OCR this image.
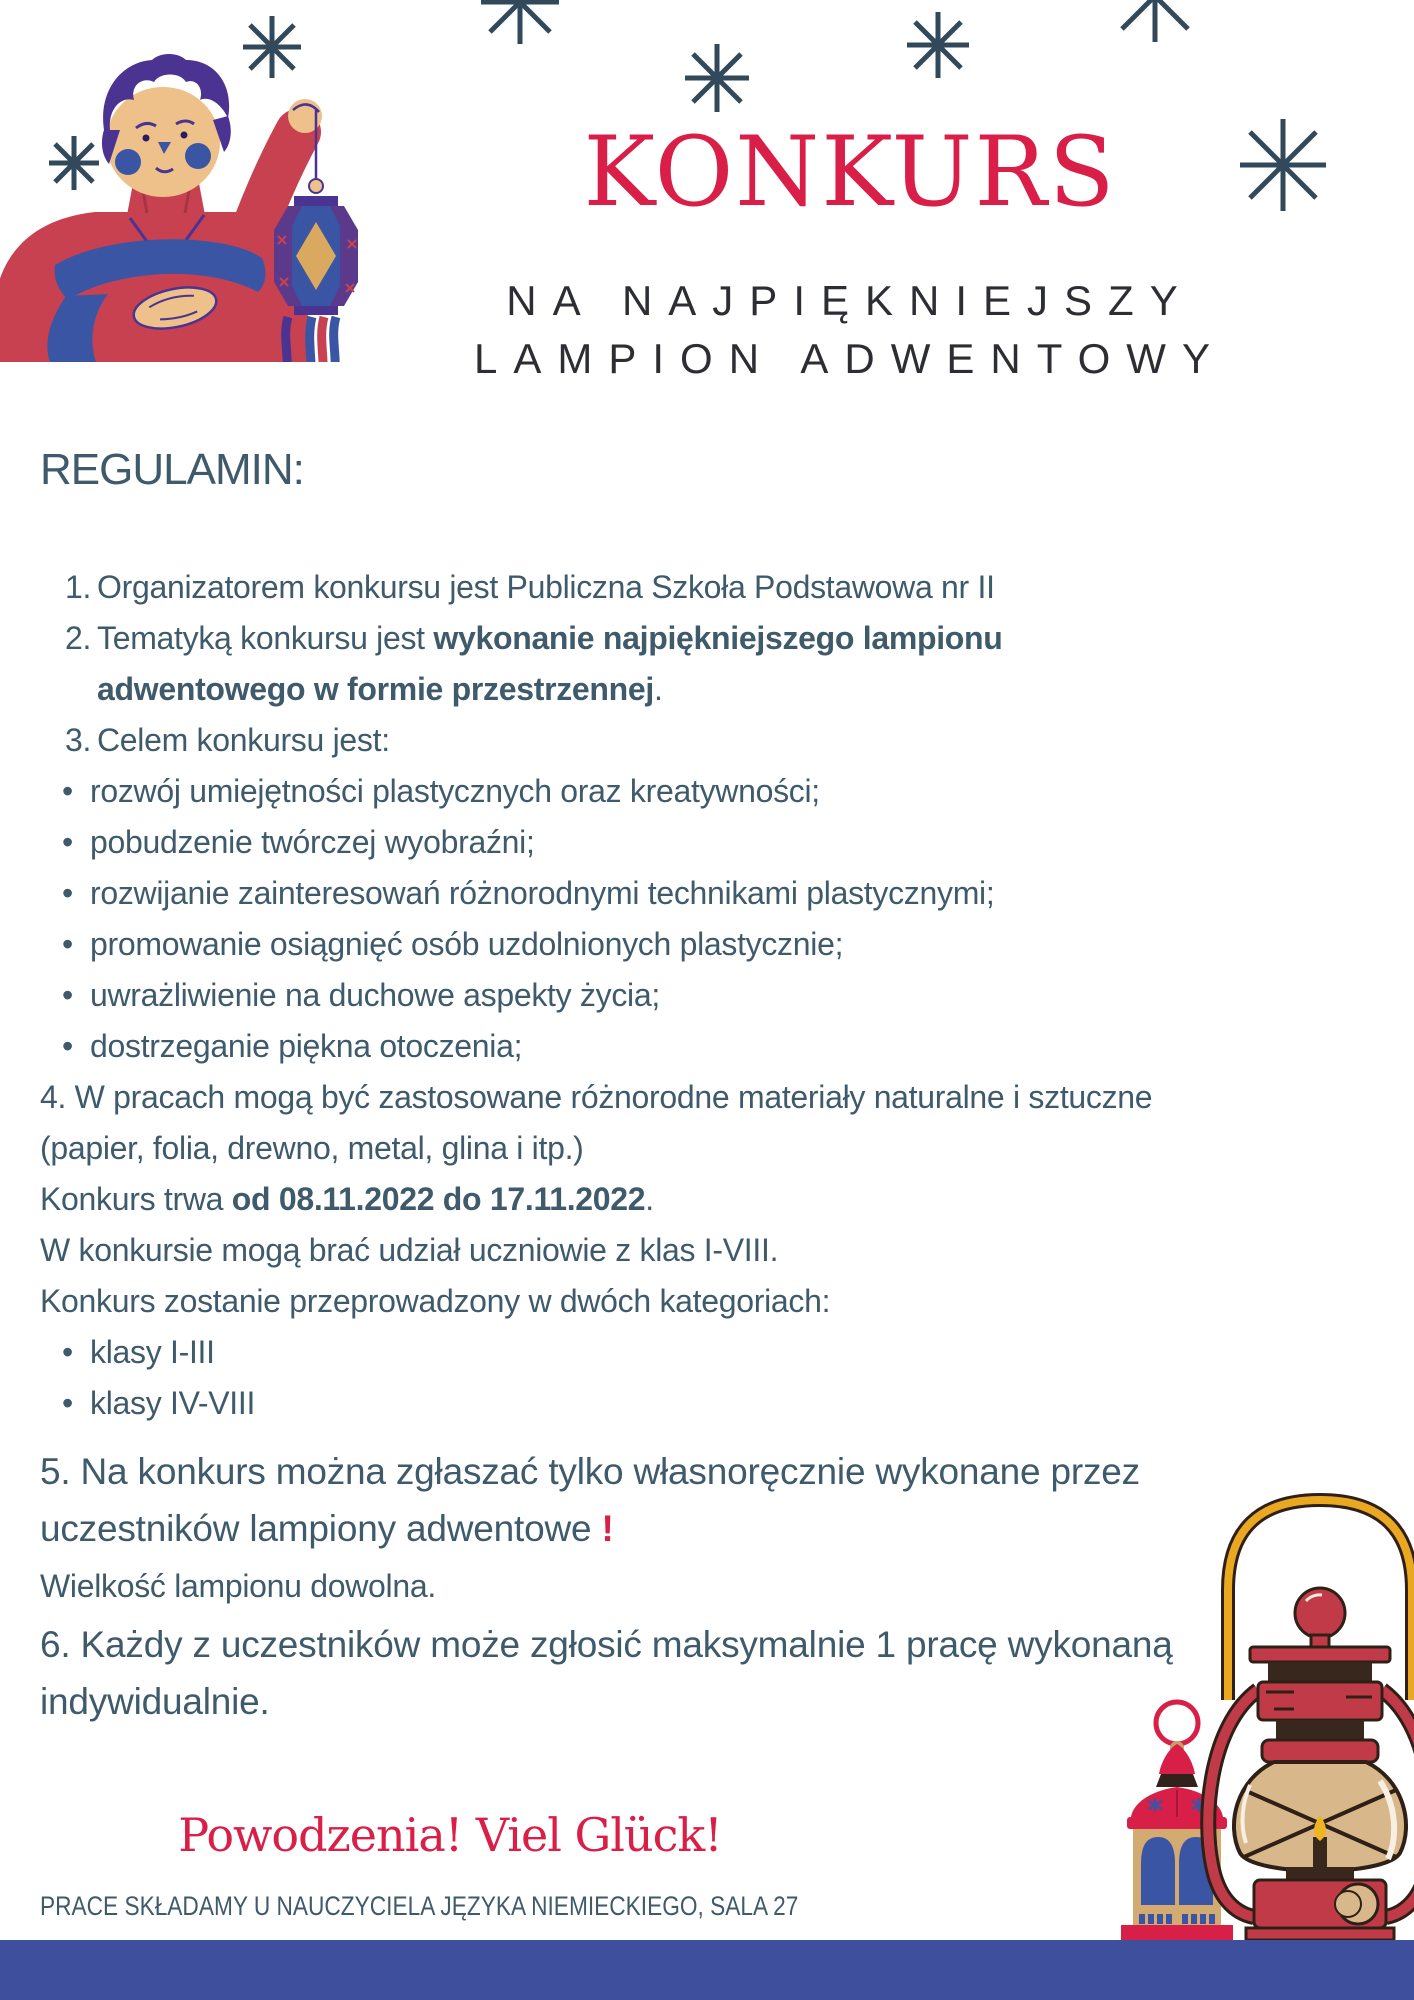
KONKURS
NA NAJPIĘKNIEJSZY
LAMPION ADWENTOWY
REGULAMIN:
1. Organizatorem konkursu jest Publiczna Szkoła Podstawowa nr II
2. Tematyką konkursu jest wykonanie najpiękniejszego lampionu
adwentowego w formie przestrzennej.
3. Celem konkursu jest:
• rozwój umiejętności plastycznych oraz kreatywności;
• pobudzenie twórczej wyobraźni;
• rozwijanie zainteresowań różnorodnymi technikami plastycznymi;
• promowanie osiągnięć osób uzdolnionych plastycznie;
• uwrażliwienie na duchowe aspekty życia;
• dostrzeganie piękna otoczenia;
4. W pracach mogą być zastosowane różnorodne materiały naturalne i sztuczne
(papier, folia, drewno, metal, glina i itp.)
Konkurs trwa od 08.11.2022 do 17.11.2022.
W konkursie mogą brać udział uczniowie z klas I-VIII.
Konkurs zostanie przeprowadzony w dwóch kategoriach:
• klasy I-III
• klasy IV-VIII
5. Na konkurs można zgłaszać tylko własnoręcznie wykonane przez
uczestników lampiony adwentowe !
Wielkość lampionu dowolna.
6. Każdy z uczestników może zgłosić maksymalnie 1 pracę wykonaną
indywidualnie.
Powodzenia! Viel Glück!
PRACE SKŁADAMY U NAUCZYCIELA JĘZYKA NIEMIECKIEGO, SALA 27
